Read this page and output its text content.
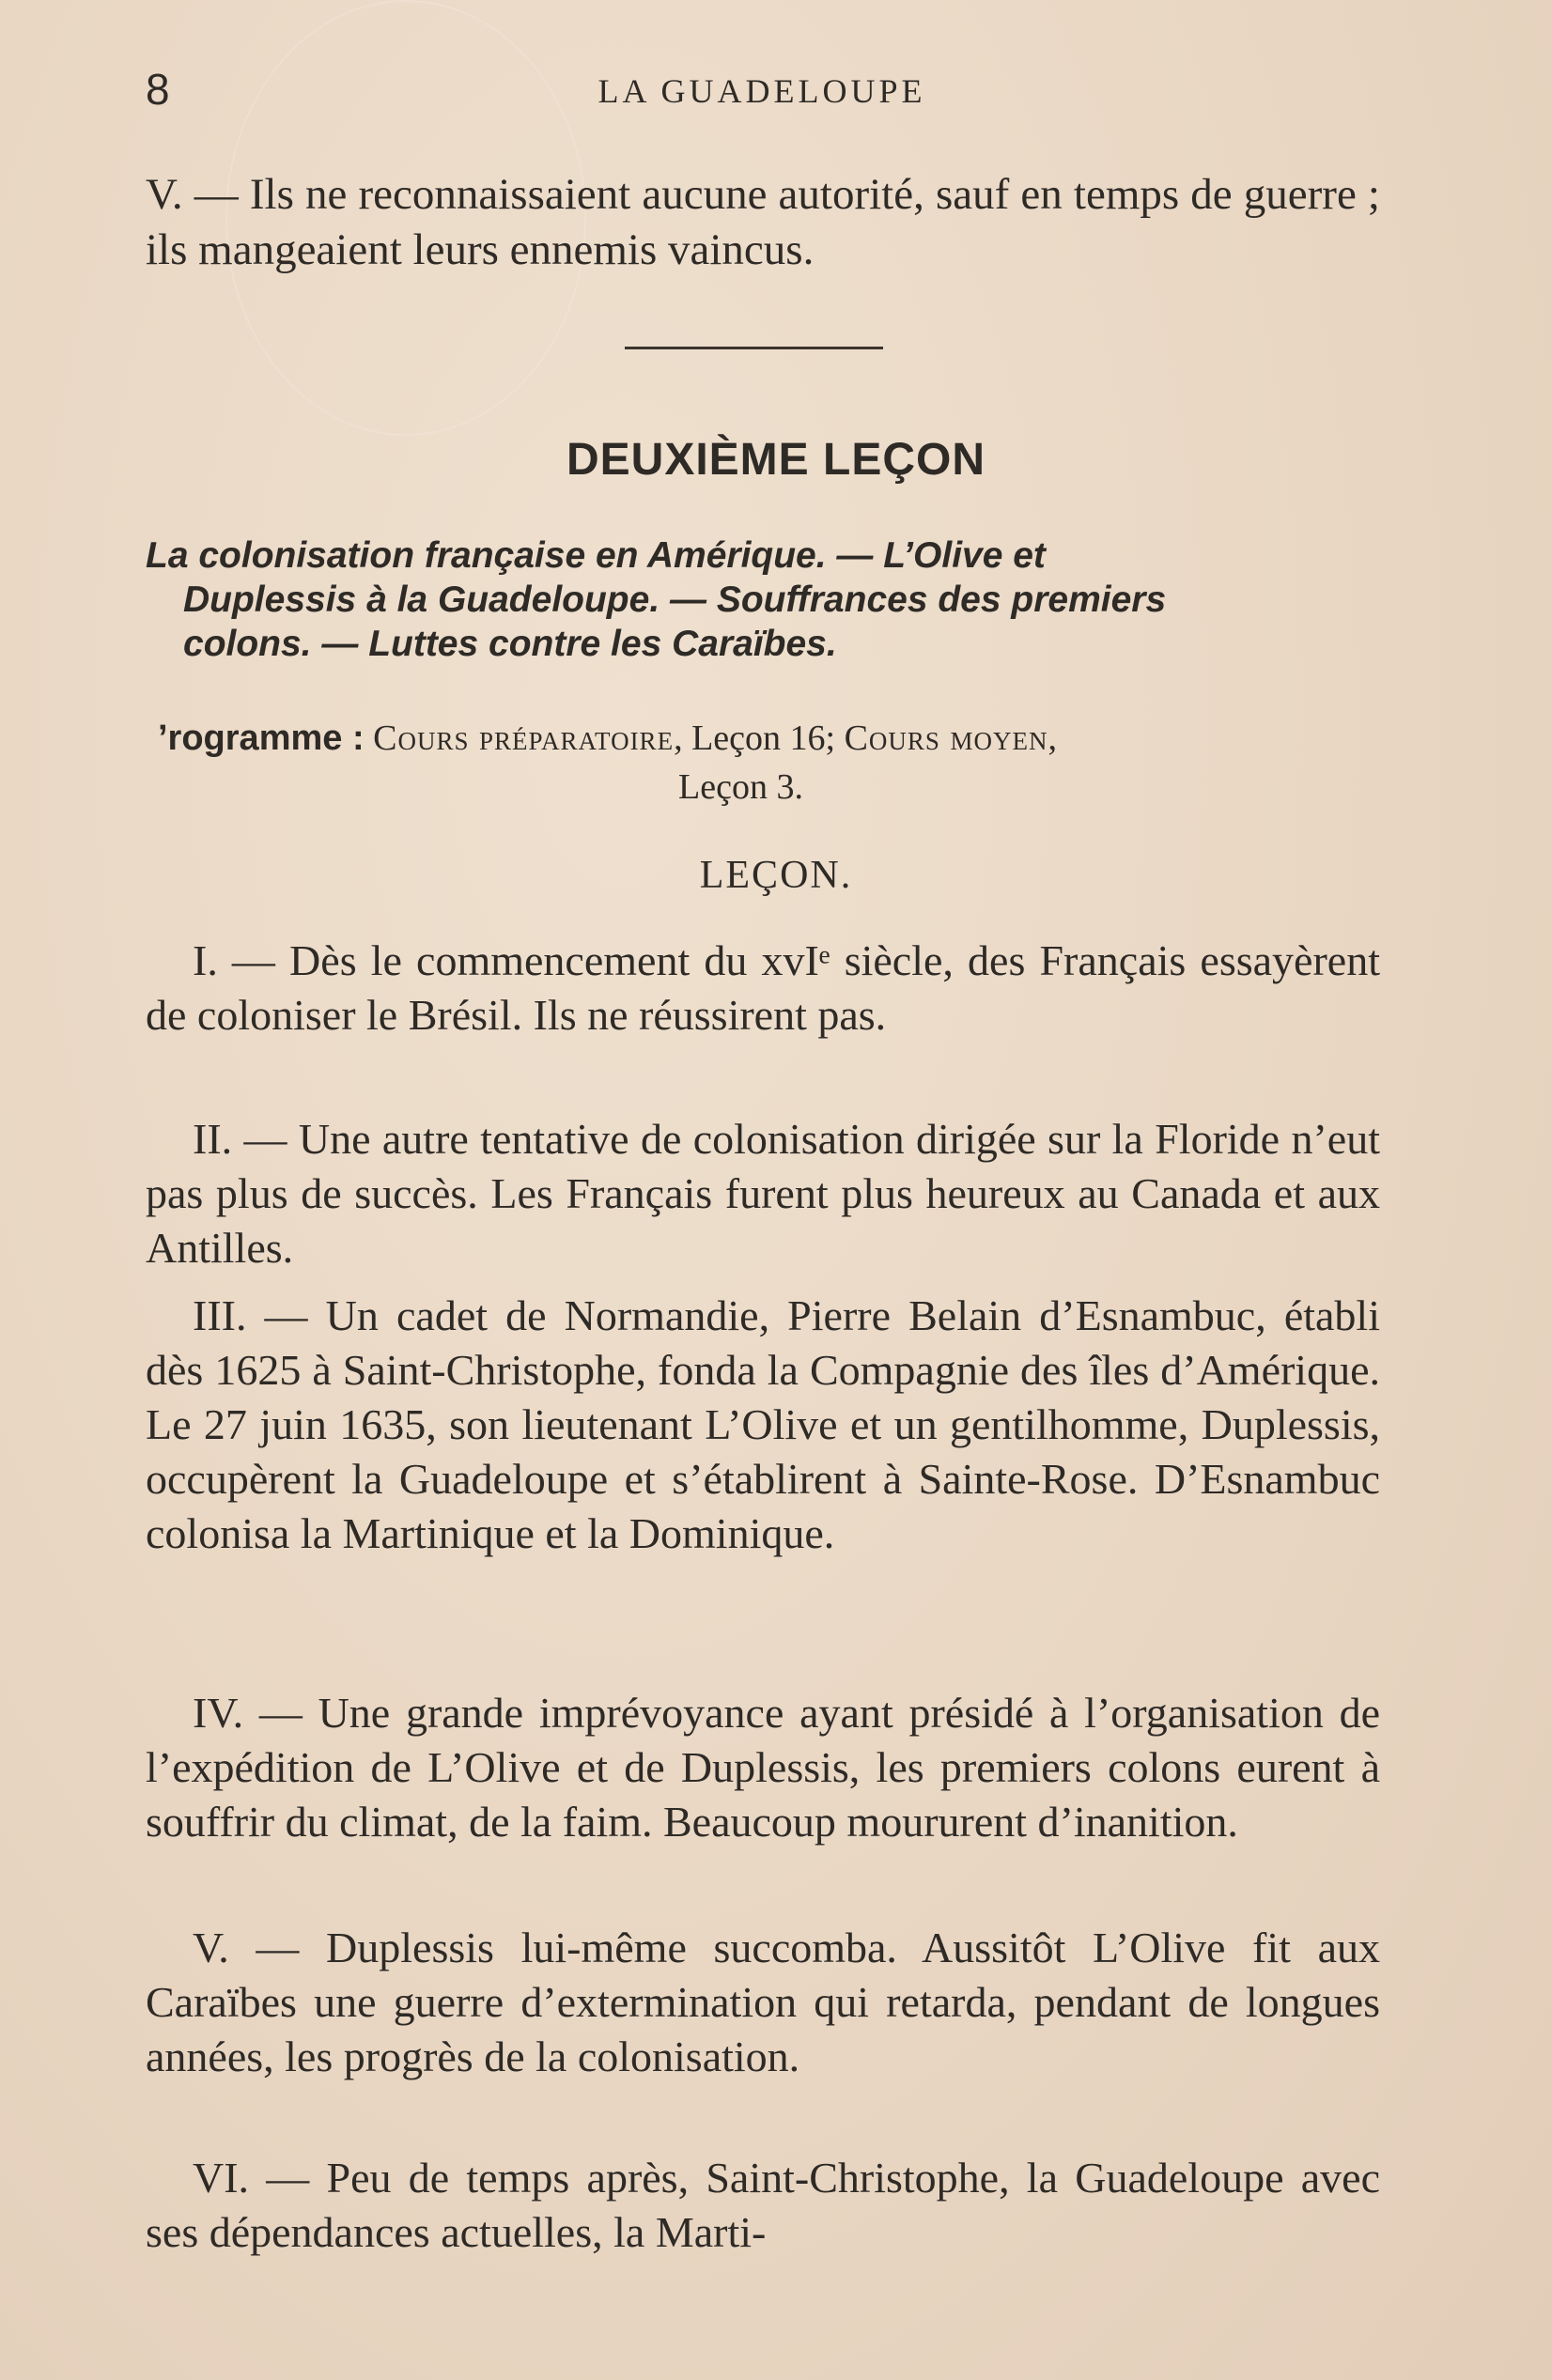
8	LA GUADELOUPE
V. — Ils ne reconnaissaient aucune autorité, sauf en temps de guerre ; ils mangeaient leurs ennemis vaincus.
DEUXIÈME LEÇON
La colonisation française en Amérique. — L’Olive et
Duplessis à la Guadeloupe. — Souffrances des premiers
colons. — Luttes contre les Caraïbes.
’rogramme : Cours préparatoire, Leçon 16; Cours moyen,
Leçon 3.
LEÇON.
I. — Dès le commencement du xvIᵉ siècle, des Français essayèrent de coloniser le Brésil. Ils ne réussirent pas.
II. — Une autre tentative de colonisation dirigée sur la Floride n’eut pas plus de succès. Les Français furent plus heureux au Canada et aux Antilles.
III. — Un cadet de Normandie, Pierre Belain d’Esnambuc, établi dès 1625 à Saint-Christophe, fonda la Compagnie des îles d’Amérique. Le 27 juin 1635, son lieutenant L’Olive et un gentilhomme, Duplessis, occupèrent la Guadeloupe et s’établirent à Sainte-Rose. D’Esnambuc colonisa la Martinique et la Dominique.
IV. — Une grande imprévoyance ayant présidé à l’organisation de l’expédition de L’Olive et de Duplessis, les premiers colons eurent à souffrir du climat, de la faim. Beaucoup moururent d’inanition.
V. — Duplessis lui-même succomba. Aussitôt L’Olive fit aux Caraïbes une guerre d’extermination qui retarda, pendant de longues années, les progrès de la colonisation.
VI. — Peu de temps après, Saint-Christophe, la Guadeloupe avec ses dépendances actuelles, la Marti-
